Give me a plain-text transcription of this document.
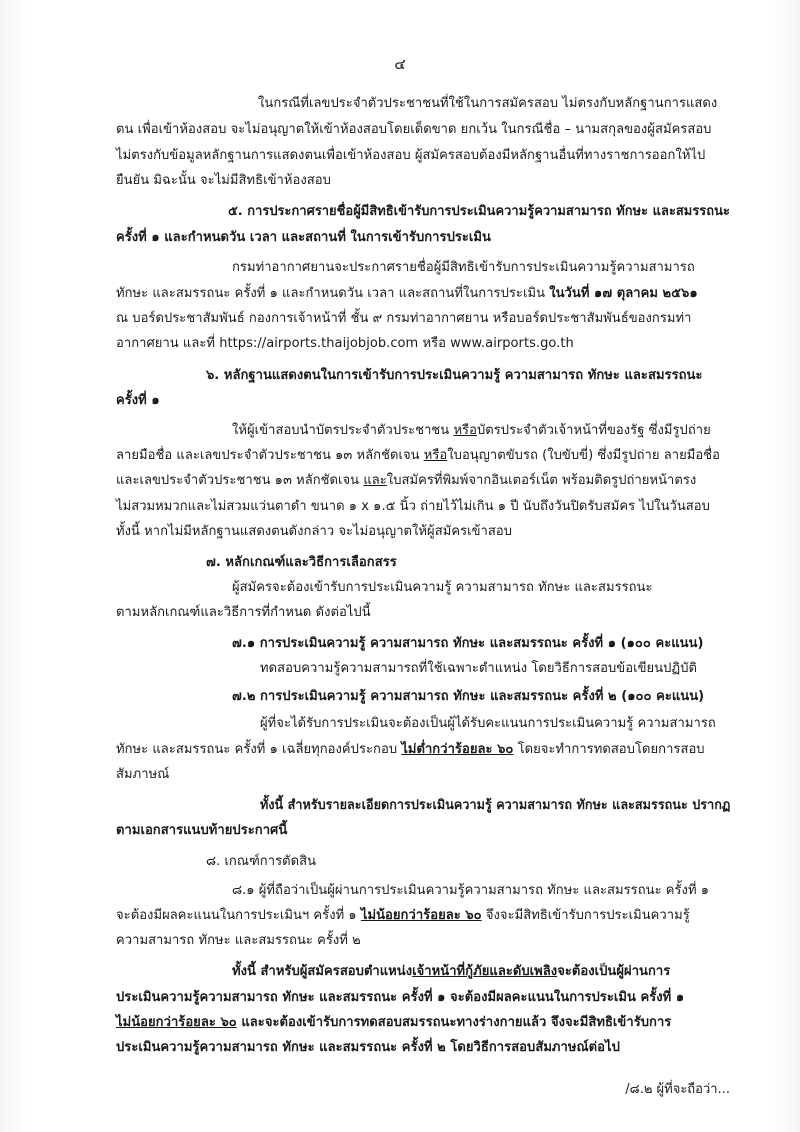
๔
ในกรณีที่เลขประจำตัวประชาชนที่ใช้ในการสมัครสอบ ไม่ตรงกับหลักฐานการแสดง
ตน เพื่อเข้าห้องสอบ จะไม่อนุญาตให้เข้าห้องสอบโดยเด็ดขาด ยกเว้น ในกรณีชื่อ – นามสกุลของผู้สมัครสอบ
ไม่ตรงกับข้อมูลหลักฐานการแสดงตนเพื่อเข้าห้องสอบ ผู้สมัครสอบต้องมีหลักฐานอื่นที่ทางราชการออกให้ไป
ยืนยัน มิฉะนั้น จะไม่มีสิทธิเข้าห้องสอบ
๕. การประกาศรายชื่อผู้มีสิทธิเข้ารับการประเมินความรู้ความสามารถ ทักษะ และสมรรถนะ
ครั้งที่ ๑ และกำหนดวัน เวลา และสถานที่ ในการเข้ารับการประเมิน
กรมท่าอากาศยานจะประกาศรายชื่อผู้มีสิทธิเข้ารับการประเมินความรู้ความสามารถ
ทักษะ และสมรรถนะ ครั้งที่ ๑ และกำหนดวัน เวลา และสถานที่ในการประเมิน ในวันที่ ๑๗ ตุลาคม ๒๕๖๑
ณ บอร์ดประชาสัมพันธ์ กองการเจ้าหน้าที่ ชั้น ๙ กรมท่าอากาศยาน หรือบอร์ดประชาสัมพันธ์ของกรมท่า
อากาศยาน และที่ https://airports.thaijobjob.com หรือ www.airports.go.th
๖. หลักฐานแสดงตนในการเข้ารับการประเมินความรู้ ความสามารถ ทักษะ และสมรรถนะ
ครั้งที่ ๑
ให้ผู้เข้าสอบนำบัตรประจำตัวประชาชน หรือบัตรประจำตัวเจ้าหน้าที่ของรัฐ ซึ่งมีรูปถ่าย
ลายมือชื่อ และเลขประจำตัวประชาชน ๑๓ หลักชัดเจน หรือใบอนุญาตขับรถ (ใบขับขี่) ซึ่งมีรูปถ่าย ลายมือชื่อ
และเลขประจำตัวประชาชน ๑๓ หลักชัดเจน และใบสมัครที่พิมพ์จากอินเตอร์เน็ต พร้อมติดรูปถ่ายหน้าตรง
ไม่สวมหมวกและไม่สวมแว่นตาดำ ขนาด ๑ x ๑.๕ นิ้ว ถ่ายไว้ไม่เกิน ๑ ปี นับถึงวันปิดรับสมัคร ไปในวันสอบ
ทั้งนี้ หากไม่มีหลักฐานแสดงตนดังกล่าว จะไม่อนุญาตให้ผู้สมัครเข้าสอบ
๗. หลักเกณฑ์และวิธีการเลือกสรร
ผู้สมัครจะต้องเข้ารับการประเมินความรู้ ความสามารถ ทักษะ และสมรรถนะ
ตามหลักเกณฑ์และวิธีการที่กำหนด ดังต่อไปนี้
๗.๑ การประเมินความรู้ ความสามารถ ทักษะ และสมรรถนะ ครั้งที่ ๑ (๑๐๐ คะแนน)
ทดสอบความรู้ความสามารถที่ใช้เฉพาะตำแหน่ง โดยวิธีการสอบข้อเขียนปฏิบัติ
๗.๒ การประเมินความรู้ ความสามารถ ทักษะ และสมรรถนะ ครั้งที่ ๒ (๑๐๐ คะแนน)
ผู้ที่จะได้รับการประเมินจะต้องเป็นผู้ได้รับคะแนนการประเมินความรู้ ความสามารถ
ทักษะ และสมรรถนะ ครั้งที่ ๑ เฉลี่ยทุกองค์ประกอบ ไม่ต่ำกว่าร้อยละ ๖๐ โดยจะทำการทดสอบโดยการสอบ
สัมภาษณ์
ทั้งนี้ สำหรับรายละเอียดการประเมินความรู้ ความสามารถ ทักษะ และสมรรถนะ ปรากฏ
ตามเอกสารแนบท้ายประกาศนี้
๘. เกณฑ์การตัดสิน
๘.๑ ผู้ที่ถือว่าเป็นผู้ผ่านการประเมินความรู้ความสามารถ ทักษะ และสมรรถนะ ครั้งที่ ๑
จะต้องมีผลคะแนนในการประเมินฯ ครั้งที่ ๑ ไม่น้อยกว่าร้อยละ ๖๐ จึงจะมีสิทธิเข้ารับการประเมินความรู้
ความสามารถ ทักษะ และสมรรถนะ ครั้งที่ ๒
ทั้งนี้ สำหรับผู้สมัครสอบตำแหน่งเจ้าหน้าที่กู้ภัยและดับเพลิงจะต้องเป็นผู้ผ่านการ
ประเมินความรู้ความสามารถ ทักษะ และสมรรถนะ ครั้งที่ ๑ จะต้องมีผลคะแนนในการประเมิน ครั้งที่ ๑
ไม่น้อยกว่าร้อยละ ๖๐ และจะต้องเข้ารับการทดสอบสมรรถนะทางร่างกายแล้ว จึงจะมีสิทธิเข้ารับการ
ประเมินความรู้ความสามารถ ทักษะ และสมรรถนะ ครั้งที่ ๒ โดยวิธีการสอบสัมภาษณ์ต่อไป
/๘.๒ ผู้ที่จะถือว่า...
